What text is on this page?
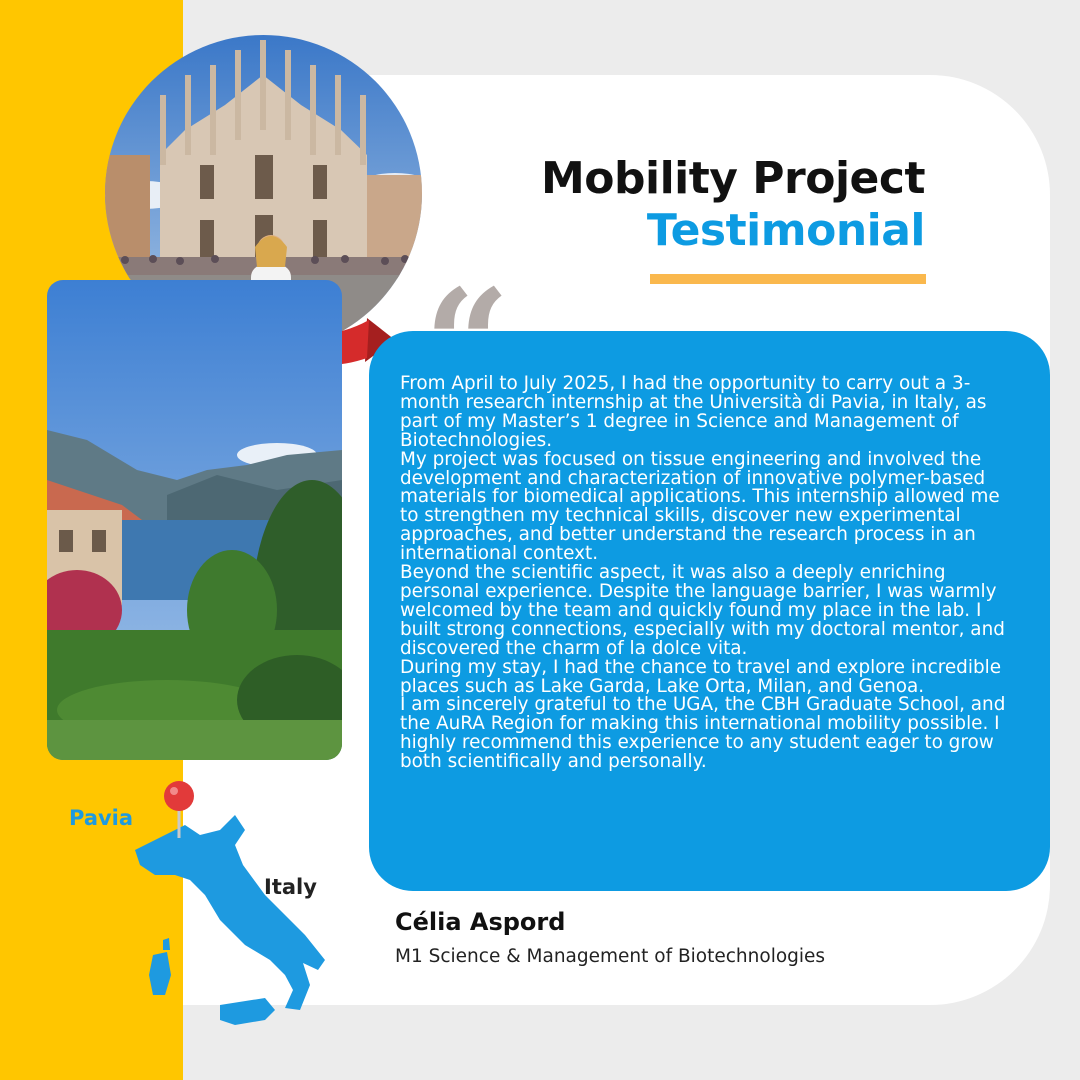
Mobility Project
Testimonial
“
From April to July 2025, I had the opportunity to carry out a 3-month research internship at the Università di Pavia, in Italy, as part of my Master’s 1 degree in Science and Management of Biotechnologies.
My project was focused on tissue engineering and involved the development and characterization of innovative polymer-based materials for biomedical applications. This internship allowed me to strengthen my technical skills, discover new experimental approaches, and better understand the research process in an international context.
Beyond the scientific aspect, it was also a deeply enriching personal experience. Despite the language barrier, I was warmly welcomed by the team and quickly found my place in the lab. I built strong connections, especially with my doctoral mentor, and discovered the charm of la dolce vita.
During my stay, I had the chance to travel and explore incredible places such as Lake Garda, Lake Orta, Milan, and Genoa.
I am sincerely grateful to the UGA, the CBH Graduate School, and the AuRA Region for making this international mobility possible. I highly recommend this experience to any student eager to grow both scientifically and personally.
Célia Aspord
M1 Science & Management of Biotechnologies
Pavia
Italy
